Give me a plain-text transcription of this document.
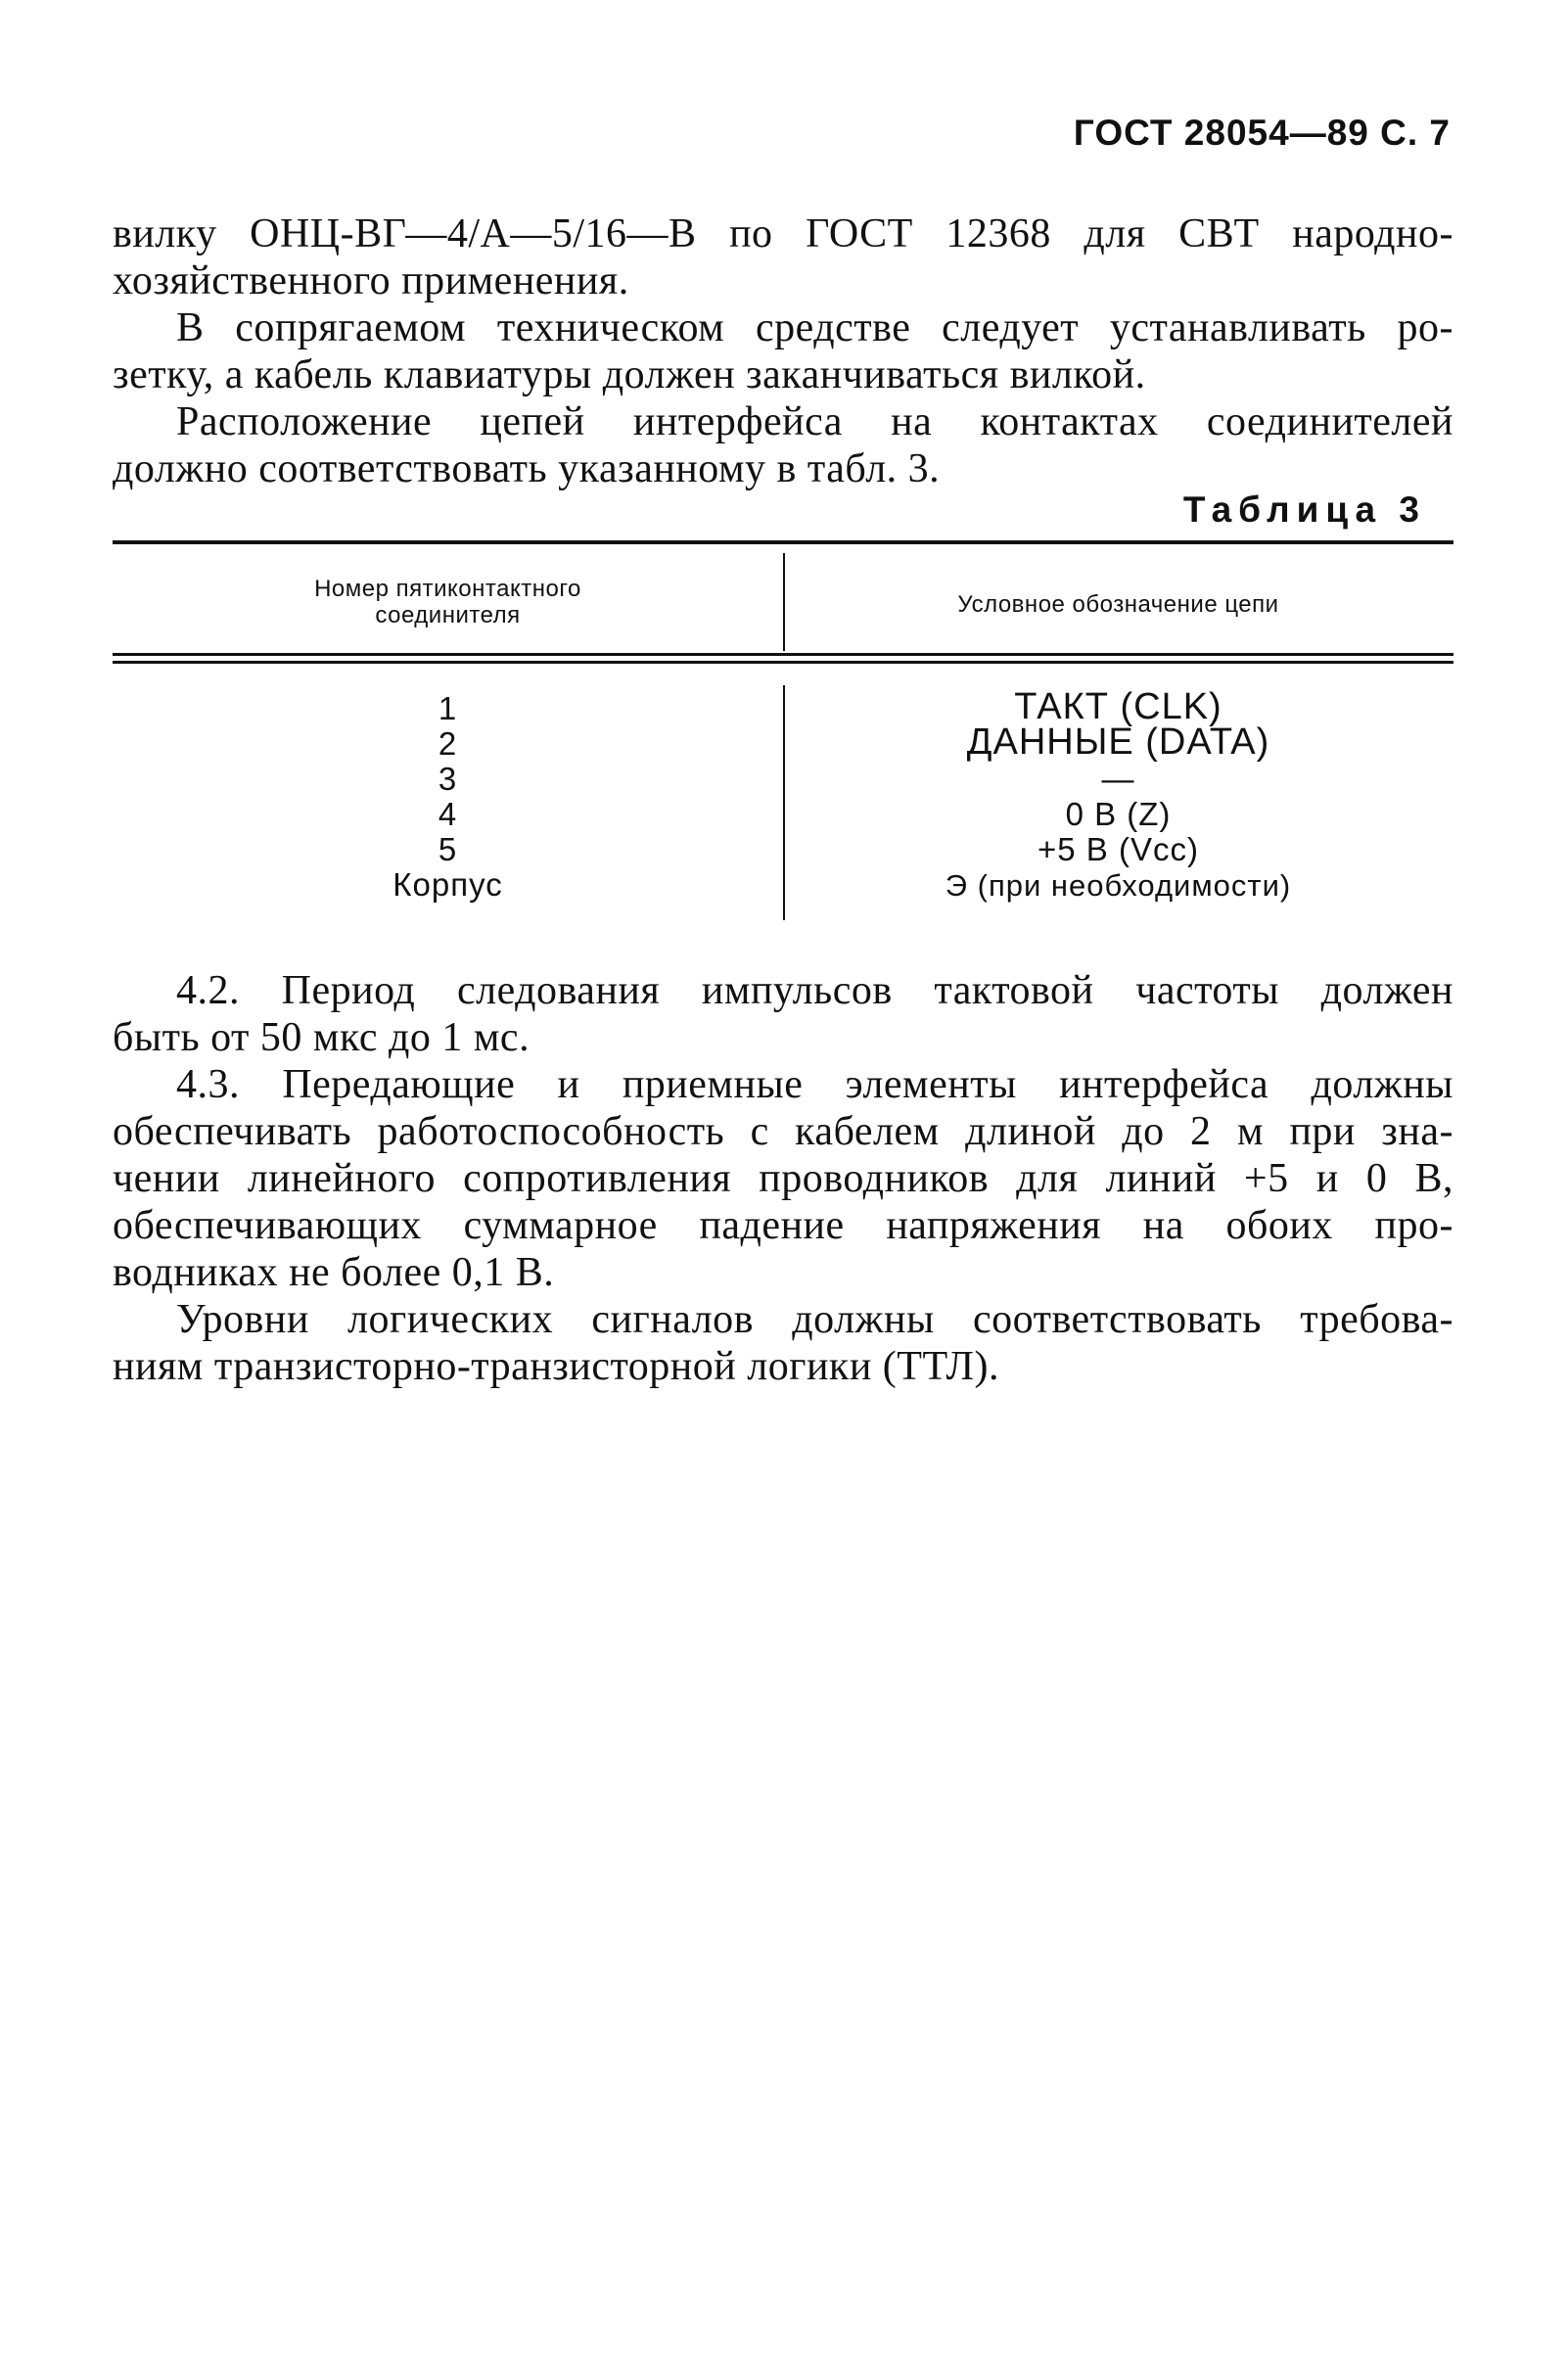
ГОСТ 28054—89 С. 7
вилку ОНЦ-ВГ—4/А—5/16—В по ГОСТ 12368 для СВТ народно-
хозяйственного применения.
В сопрягаемом техническом средстве следует устанавливать ро-
зетку, а кабель клавиатуры должен заканчиваться вилкой.
Расположение цепей интерфейса на контактах соединителей
должно соответствовать указанному в табл. 3.
Таблица 3
Номер пятиконтактного
соединителя	Условное обозначение цепи
1
2
3
4
5
Корпус
ТАКТ (CLK)
ДАННЫЕ (DATA)
—
0 В (Z)
+5 В (Vcc)
Э (при необходимости)
4.2. Период следования импульсов тактовой частоты должен
быть от 50 мкс до 1 мс.
4.3. Передающие и приемные элементы интерфейса должны
обеспечивать работоспособность с кабелем длиной до 2 м при зна-
чении линейного сопротивления проводников для линий +5 и 0 В,
обеспечивающих суммарное падение напряжения на обоих про-
водниках не более 0,1 В.
Уровни логических сигналов должны соответствовать требова-
ниям транзисторно-транзисторной логики (ТТЛ).
